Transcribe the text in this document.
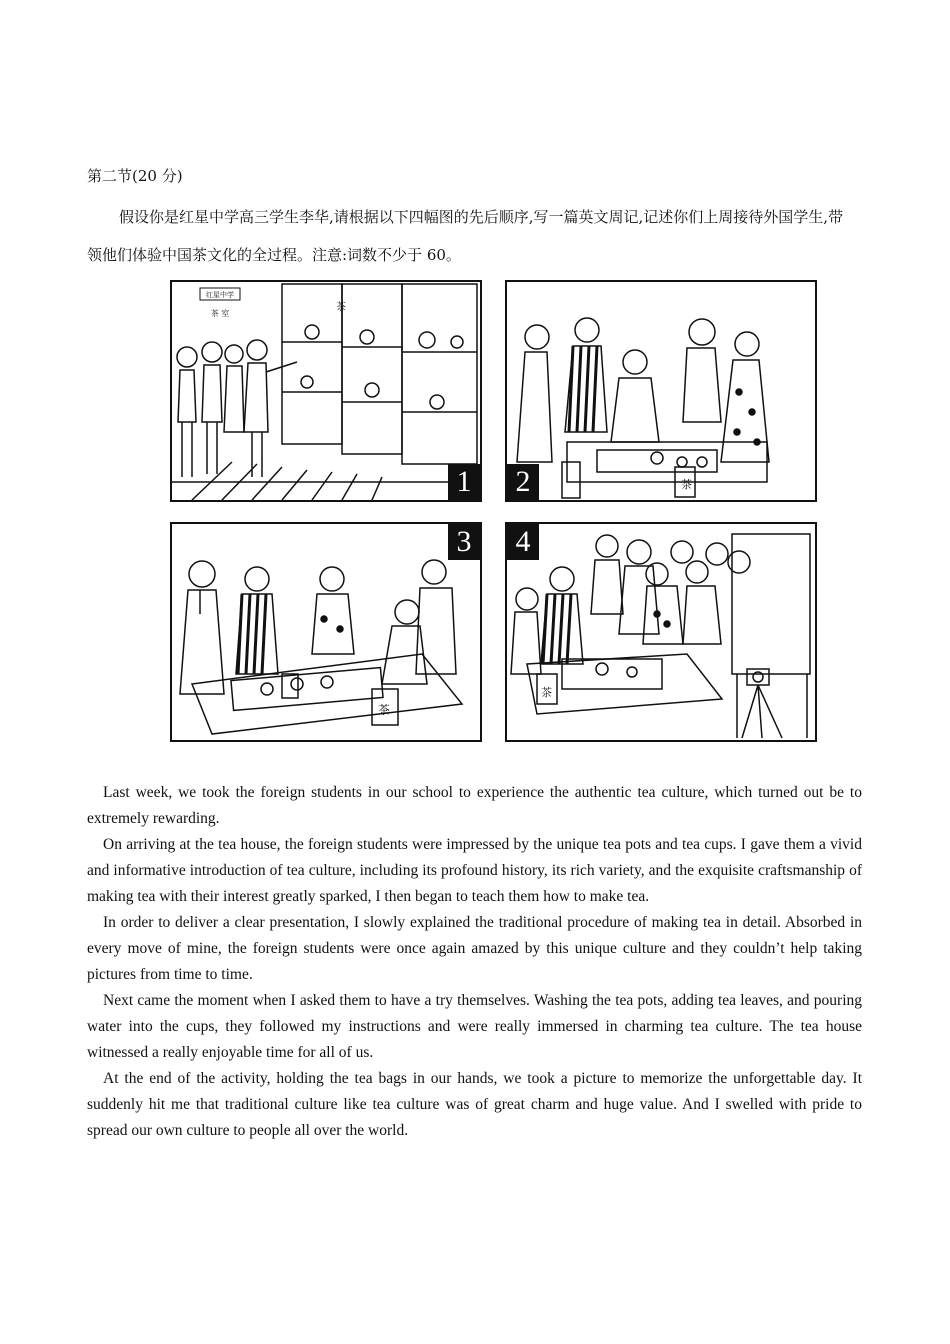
第二节(20 分)
假设你是红星中学高三学生李华,请根据以下四幅图的先后顺序,写一篇英文周记,记述你们上周接待外国学生,带领他们体验中国茶文化的全过程。注意:词数不少于 60。
红星中学
茶 室
茶
1	茶
2
茶
3
茶
4

Last week, we took the foreign students in our school to experience the authentic tea culture, which turned out be to extremely rewarding.

On arriving at the tea house, the foreign students were impressed by the unique tea pots and tea cups. I gave them a vivid and informative introduction of tea culture, including its profound history, its rich variety, and the exquisite craftsmanship of making tea with their interest greatly sparked, I then began to teach them how to make tea.

In order to deliver a clear presentation, I slowly explained the traditional procedure of making tea in detail. Absorbed in every move of mine, the foreign students were once again amazed by this unique culture and they couldn’t help taking pictures from time to time.

Next came the moment when I asked them to have a try themselves. Washing the tea pots, adding tea leaves, and pouring water into the cups, they followed my instructions and were really immersed in charming tea culture. The tea house witnessed a really enjoyable time for all of us.

At the end of the activity, holding the tea bags in our hands, we took a picture to memorize the unforgettable day. It suddenly hit me that traditional culture like tea culture was of great charm and huge value. And I swelled with pride to spread our own culture to people all over the world.
